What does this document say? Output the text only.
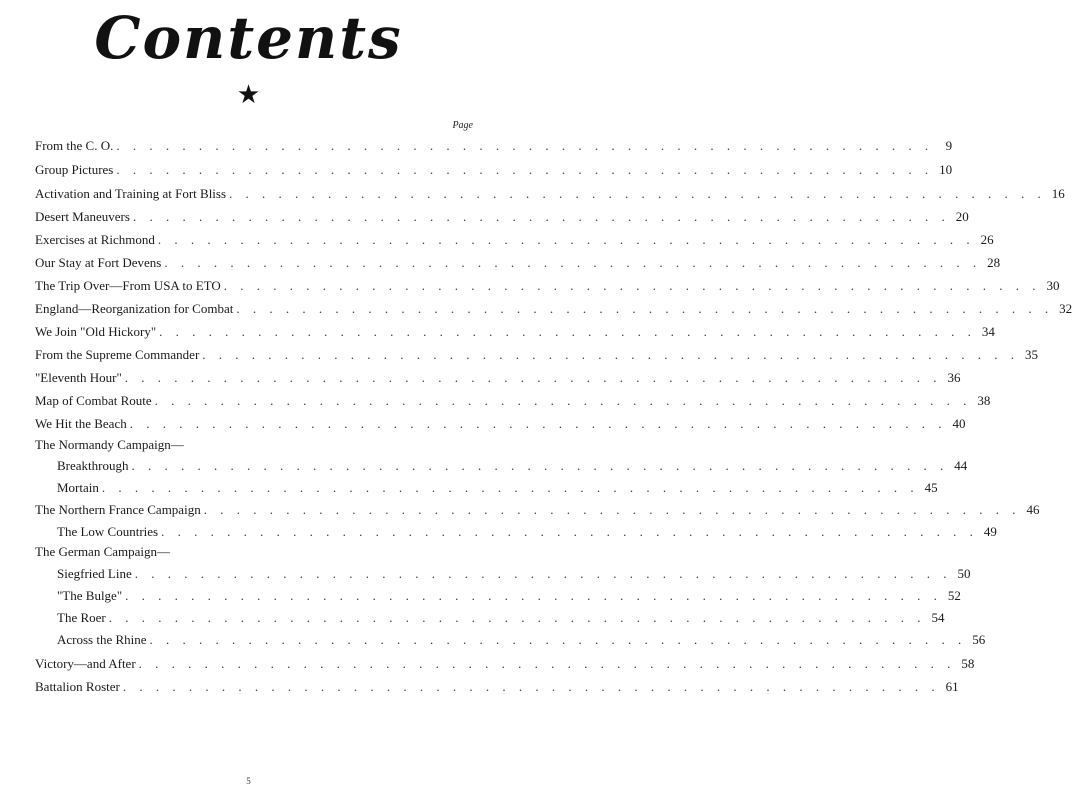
Contents
★
Page
From the C. O. . . . . . . . . . . . . . . . . . . . . . . . . . . . . . . . . . . . . . . . . . . . . . . . . . . 9
Group Pictures . . . . . . . . . . . . . . . . . . . . . . . . . . . . . . . . . . . . . . . . . . . . . . . . . . 10
Activation and Training at Fort Bliss . . . . . . . . . . . . . . . . . . . . . . . . . . . . . . . . . . . . . . . . . . . . . . . . . . 16
Desert Maneuvers . . . . . . . . . . . . . . . . . . . . . . . . . . . . . . . . . . . . . . . . . . . . . . . . . . 20
Exercises at Richmond . . . . . . . . . . . . . . . . . . . . . . . . . . . . . . . . . . . . . . . . . . . . . . . . . . 26
Our Stay at Fort Devens . . . . . . . . . . . . . . . . . . . . . . . . . . . . . . . . . . . . . . . . . . . . . . . . . . 28
The Trip Over—From USA to ETO . . . . . . . . . . . . . . . . . . . . . . . . . . . . . . . . . . . . . . . . . . . . . . . . . . 30
England—Reorganization for Combat . . . . . . . . . . . . . . . . . . . . . . . . . . . . . . . . . . . . . . . . . . . . . . . . . . 32
We Join "Old Hickory" . . . . . . . . . . . . . . . . . . . . . . . . . . . . . . . . . . . . . . . . . . . . . . . . . . 34
From the Supreme Commander . . . . . . . . . . . . . . . . . . . . . . . . . . . . . . . . . . . . . . . . . . . . . . . . . . 35
"Eleventh Hour" . . . . . . . . . . . . . . . . . . . . . . . . . . . . . . . . . . . . . . . . . . . . . . . . . . 36
Map of Combat Route . . . . . . . . . . . . . . . . . . . . . . . . . . . . . . . . . . . . . . . . . . . . . . . . . . 38
We Hit the Beach . . . . . . . . . . . . . . . . . . . . . . . . . . . . . . . . . . . . . . . . . . . . . . . . . . 40
The Normandy Campaign—
Breakthrough . . . . . . . . . . . . . . . . . . . . . . . . . . . . . . . . . . . . . . . . . . . . . . . . . . 44
Mortain . . . . . . . . . . . . . . . . . . . . . . . . . . . . . . . . . . . . . . . . . . . . . . . . . . 45
The Northern France Campaign . . . . . . . . . . . . . . . . . . . . . . . . . . . . . . . . . . . . . . . . . . . . . . . . . . 46
The Low Countries . . . . . . . . . . . . . . . . . . . . . . . . . . . . . . . . . . . . . . . . . . . . . . . . . . 49
The German Campaign—
Siegfried Line . . . . . . . . . . . . . . . . . . . . . . . . . . . . . . . . . . . . . . . . . . . . . . . . . . 50
"The Bulge" . . . . . . . . . . . . . . . . . . . . . . . . . . . . . . . . . . . . . . . . . . . . . . . . . . 52
The Roer . . . . . . . . . . . . . . . . . . . . . . . . . . . . . . . . . . . . . . . . . . . . . . . . . . 54
Across the Rhine . . . . . . . . . . . . . . . . . . . . . . . . . . . . . . . . . . . . . . . . . . . . . . . . . . 56
Victory—and After . . . . . . . . . . . . . . . . . . . . . . . . . . . . . . . . . . . . . . . . . . . . . . . . . . 58
Battalion Roster . . . . . . . . . . . . . . . . . . . . . . . . . . . . . . . . . . . . . . . . . . . . . . . . . . 61
5
